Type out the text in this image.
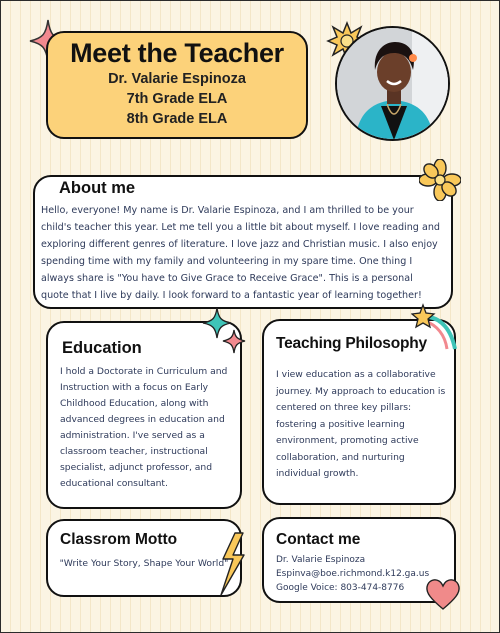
Meet the Teacher
Dr. Valarie Espinoza
7th Grade ELA
8th Grade ELA
About me
Hello, everyone! My name is Dr. Valarie Espinoza, and I am thrilled to be your child's teacher this year. Let me tell you a little bit about myself. I love reading and exploring different genres of literature. I love jazz and Christian music. I also enjoy spending time with my family and volunteering in my spare time. One thing I always share is "You have to Give Grace to Receive Grace". This is a personal quote that I live by daily. I look forward to a fantastic year of learning together!
Education
I hold a Doctorate in Curriculum and Instruction with a focus on Early Childhood Education, along with advanced degrees in education and administration. I've served as a classroom teacher, instructional specialist, adjunct professor, and educational consultant.
Teaching Philosophy
I view education as a collaborative journey. My approach to education is centered on three key pillars: fostering a positive learning environment, promoting active collaboration, and nurturing individual growth.
Classrom Motto
"Write Your Story, Shape Your World"
Contact me
Dr. Valarie Espinoza
Espinva@boe.richmond.k12.ga.us
Google Voice: 803-474-8776
